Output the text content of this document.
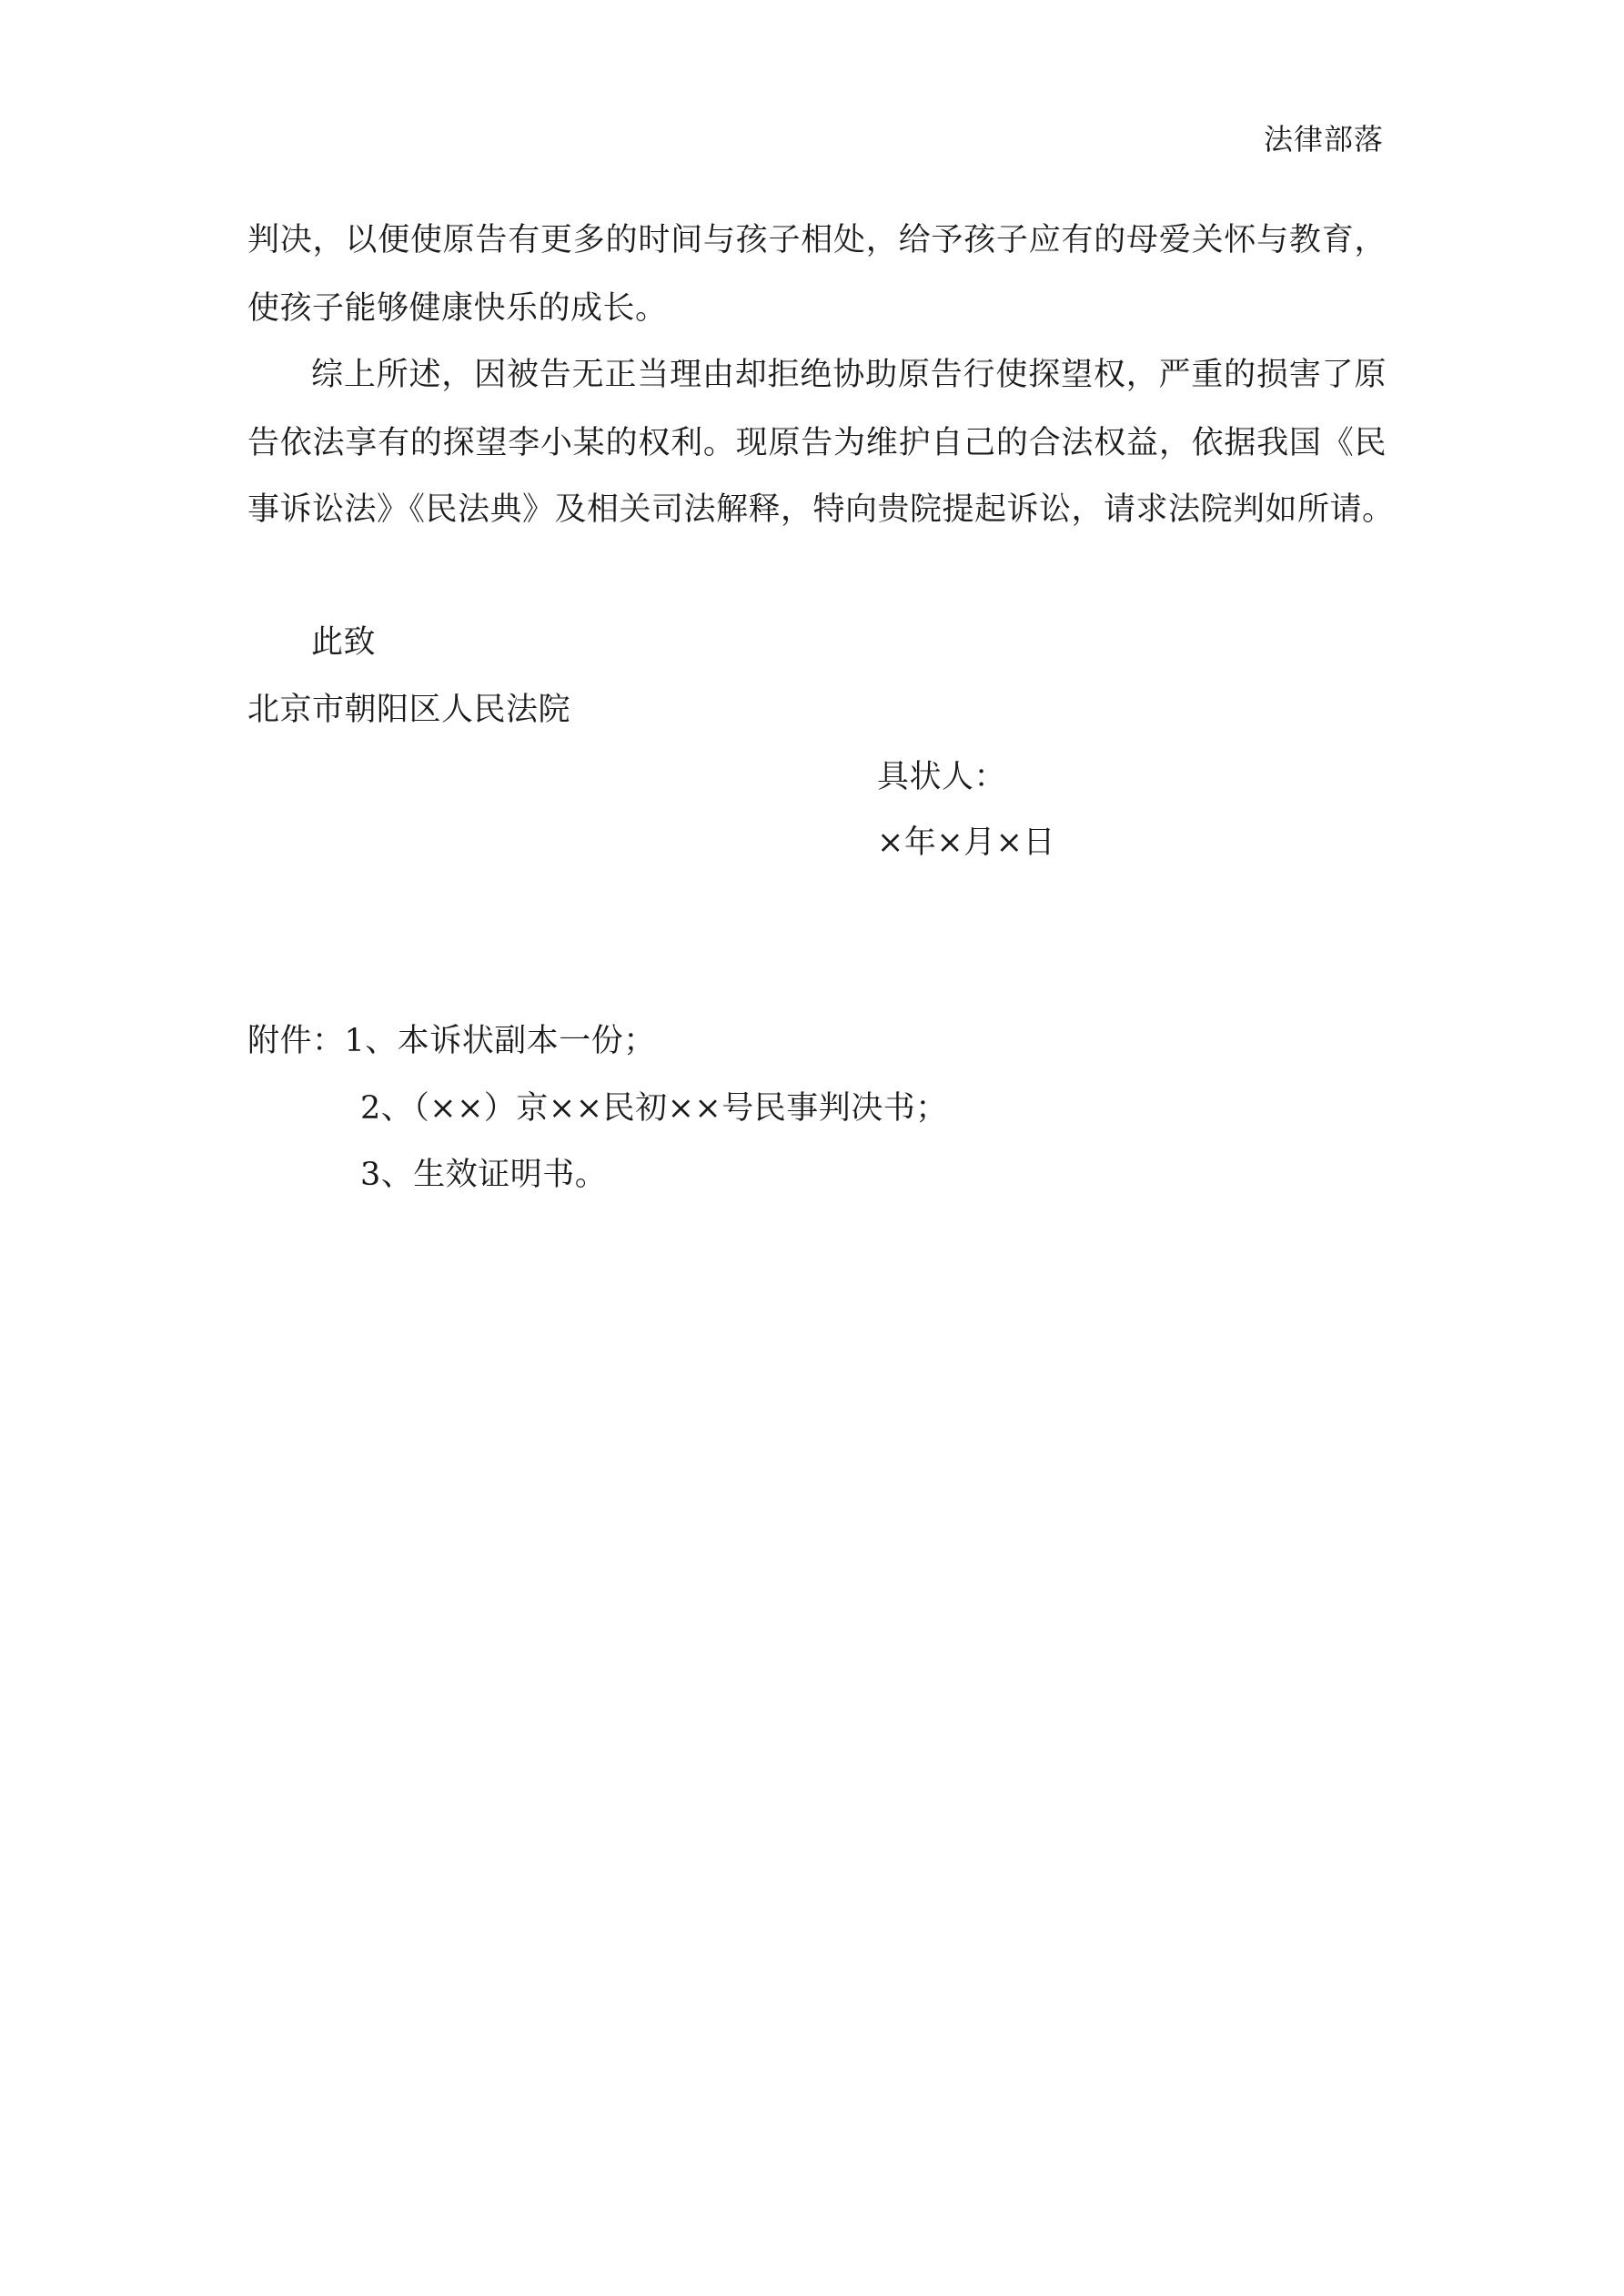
法律部落
判决，以便使原告有更多的时间与孩子相处，给予孩子应有的母爱关怀与教育，
使孩子能够健康快乐的成长。
综上所述，因被告无正当理由却拒绝协助原告行使探望权，严重的损害了原
告依法享有的探望李小某的权利。现原告为维护自己的合法权益，依据我国《民
事诉讼法》《民法典》及相关司法解释，特向贵院提起诉讼，请求法院判如所请。
此致
北京市朝阳区人民法院
具状人：
×年×月×日
附件：1、本诉状副本一份；
2、（××）京××民初××号民事判决书；
3、生效证明书。
